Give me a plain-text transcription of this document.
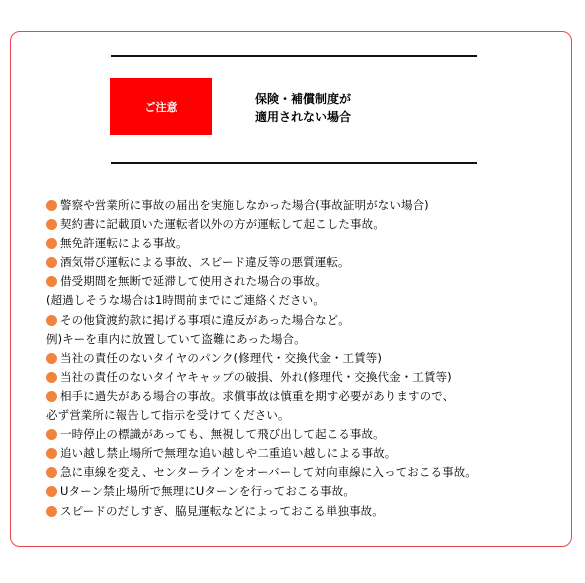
ご注意
保険・補償制度が
適用されない場合
警察や営業所に事故の届出を実施しなかった場合(事故証明がない場合)
契約書に記載頂いた運転者以外の方が運転して起こした事故。
無免許運転による事故。
酒気帯び運転による事故、スピード違反等の悪質運転。
借受期間を無断で延滞して使用された場合の事故。
(超過しそうな場合は1時間前までにご連絡ください。
その他貸渡約款に掲げる事項に違反があった場合など。
例)キーを車内に放置していて盗難にあった場合。
当社の責任のないタイヤのパンク(修理代・交換代金・工賃等)
当社の責任のないタイヤキャップの破損、外れ(修理代・交換代金・工賃等)
相手に過失がある場合の事故。求償事故は慎重を期す必要がありますので、
必ず営業所に報告して指示を受けてください。
一時停止の標識があっても、無視して飛び出して起こる事故。
追い越し禁止場所で無理な追い越しや二重追い越しによる事故。
急に車線を変え、センターラインをオーバーして対向車線に入っておこる事故。
Uターン禁止場所で無理にUターンを行っておこる事故。
スピードのだしすぎ、脇見運転などによっておこる単独事故。
